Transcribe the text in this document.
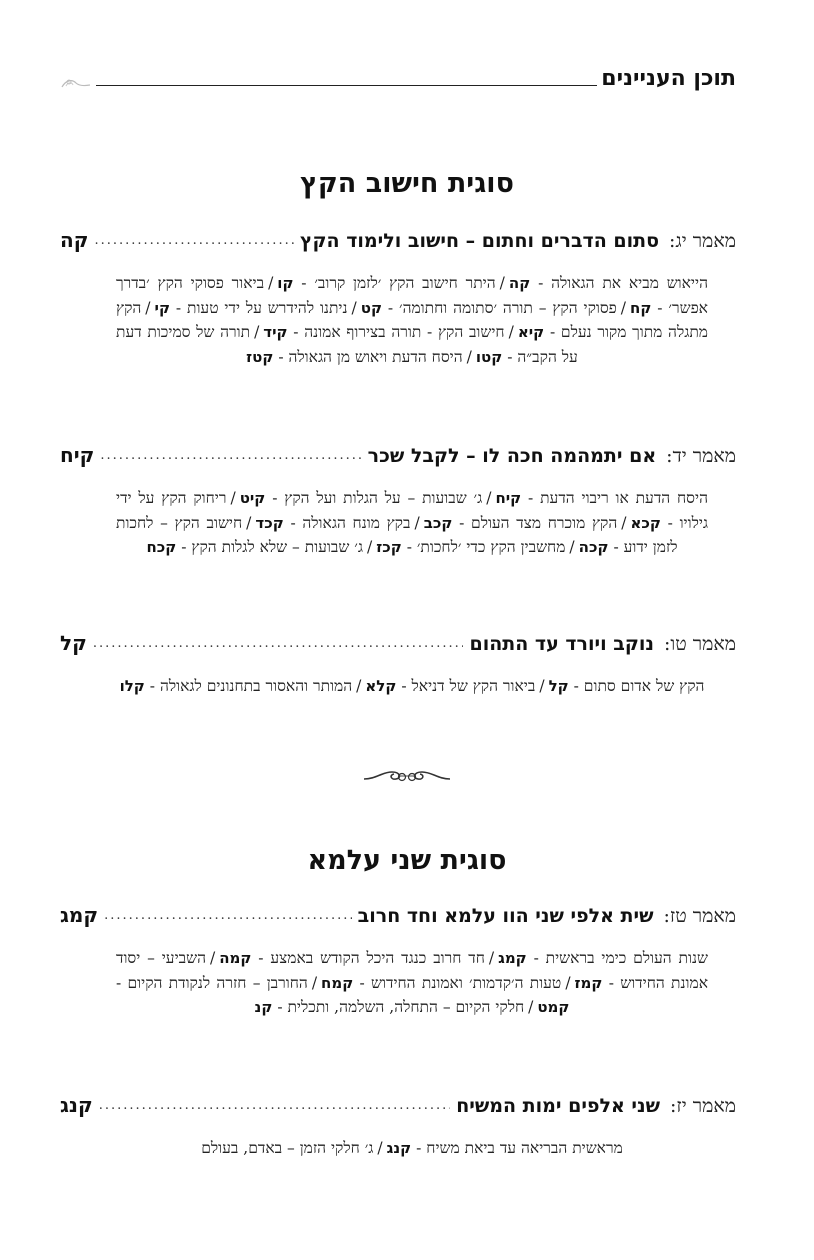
תוכן העניינים
סוגית חישוב הקץ
מאמר יג:
סתום הדברים וחתום – חישוב ולימוד הקץ
.....
קה
הייאוש מביא את הגאולה - קה/היתר חישוב הקץ ׳לזמן קרוב׳ - קו/ביאור פסוקי הקץ ׳בדרך אפשר׳ - קח/פסוקי הקץ – תורה ׳סתומה וחתומה׳ - קט/ניתנו להידרש על ידי טעות - קי/הקץ מתגלה מתוך מקור נעלם - קיא/חישוב הקץ - תורה בצירוף אמונה - קיד/תורה של סמיכות דעת על הקב״ה - קטו/היסח הדעת ויאוש מן הגאולה - קטז
מאמר יד:
אם יתמהמה חכה לו – לקבל שכר
.....
קיח
היסח הדעת או ריבוי הדעת - קיח/ג׳ שבועות – על הגלות ועל הקץ - קיט/ריחוק הקץ על ידי גילויו - קכא/הקץ מוכרח מצד העולם - קכב/בקץ מונח הגאולה - קכד/חישוב הקץ – לחכות לזמן ידוע - קכה/מחשבין הקץ כדי ׳לחכות׳ - קכז/ג׳ שבועות – שלא לגלות הקץ - קכח
מאמר טו:
נוקב ויורד עד התהום
.....
קל
הקץ של אדום סתום - קל/ביאור הקץ של דניאל - קלא/המותר והאסור בתחנונים לגאולה - קלו
סוגית שני עלמא
מאמר טז:
שית אלפי שני הוו עלמא וחד חרוב
.....
קמג
שנות העולם כימי בראשית - קמג/חד חרוב כנגד היכל הקודש באמצע - קמה/השביעי – יסוד אמונת החידוש - קמז/טעות ה׳קדמות׳ ואמונת החידוש - קמח/החורבן – חזרה לנקודת הקיום - קמט/חלקי הקיום – התחלה, השלמה, ותכלית - קנ
מאמר יז:
שני אלפים ימות המשיח
.....
קנג
מראשית הבריאה עד ביאת משיח - קנג/ג׳ חלקי הזמן – באדם, בעולם
